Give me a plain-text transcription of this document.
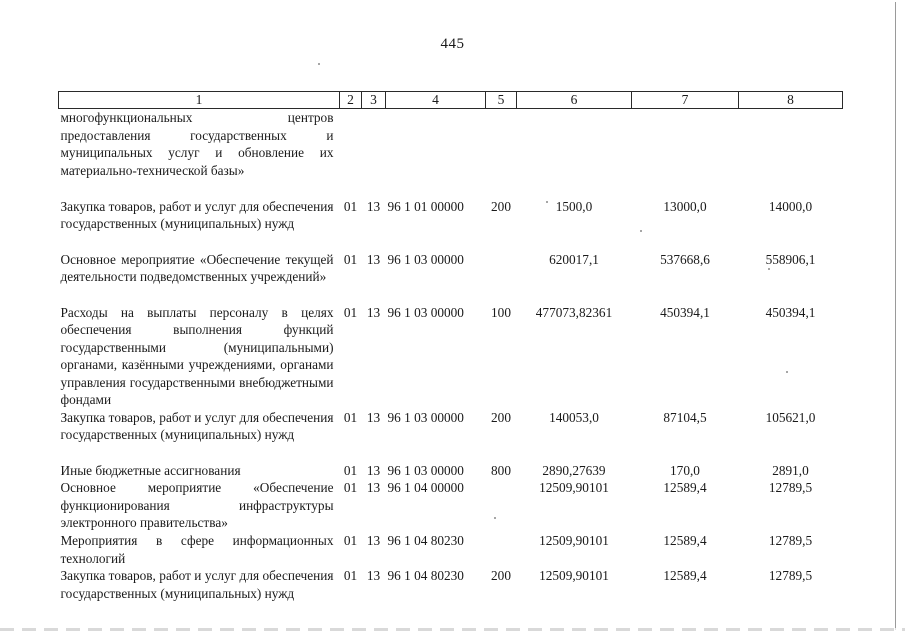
445
1	2	3	4	5	6	7	8
многофункциональных центров предоставления государственных и муниципальных услуг и обновление их материально-технической базы»							
Закупка товаров, работ и услуг для обеспечения государственных (муниципальных) нужд	01	13	96 1 01 00000	200	1500,0	13000,0	14000,0
Основное мероприятие «Обеспечение текущей деятельности подведомственных учреждений»	01	13	96 1 03 00000		620017,1	537668,6	558906,1
Расходы на выплаты персоналу в целях обеспечения выполнения функций государственными (муниципальными) органами, казёнными учреждениями, органами управления государственными внебюджетными фондами	01	13	96 1 03 00000	100	477073,82361	450394,1	450394,1
Закупка товаров, работ и услуг для обеспечения государственных (муниципальных) нужд	01	13	96 1 03 00000	200	140053,0	87104,5	105621,0
Иные бюджетные ассигнования	01	13	96 1 03 00000	800	2890,27639	170,0	2891,0
Основное мероприятие «Обеспечение функционирования инфраструктуры электронного правительства»	01	13	96 1 04 00000		12509,90101	12589,4	12789,5
Мероприятия в сфере информационных технологий	01	13	96 1 04 80230		12509,90101	12589,4	12789,5
Закупка товаров, работ и услуг для обеспечения государственных (муниципальных) нужд	01	13	96 1 04 80230	200	12509,90101	12589,4	12789,5
